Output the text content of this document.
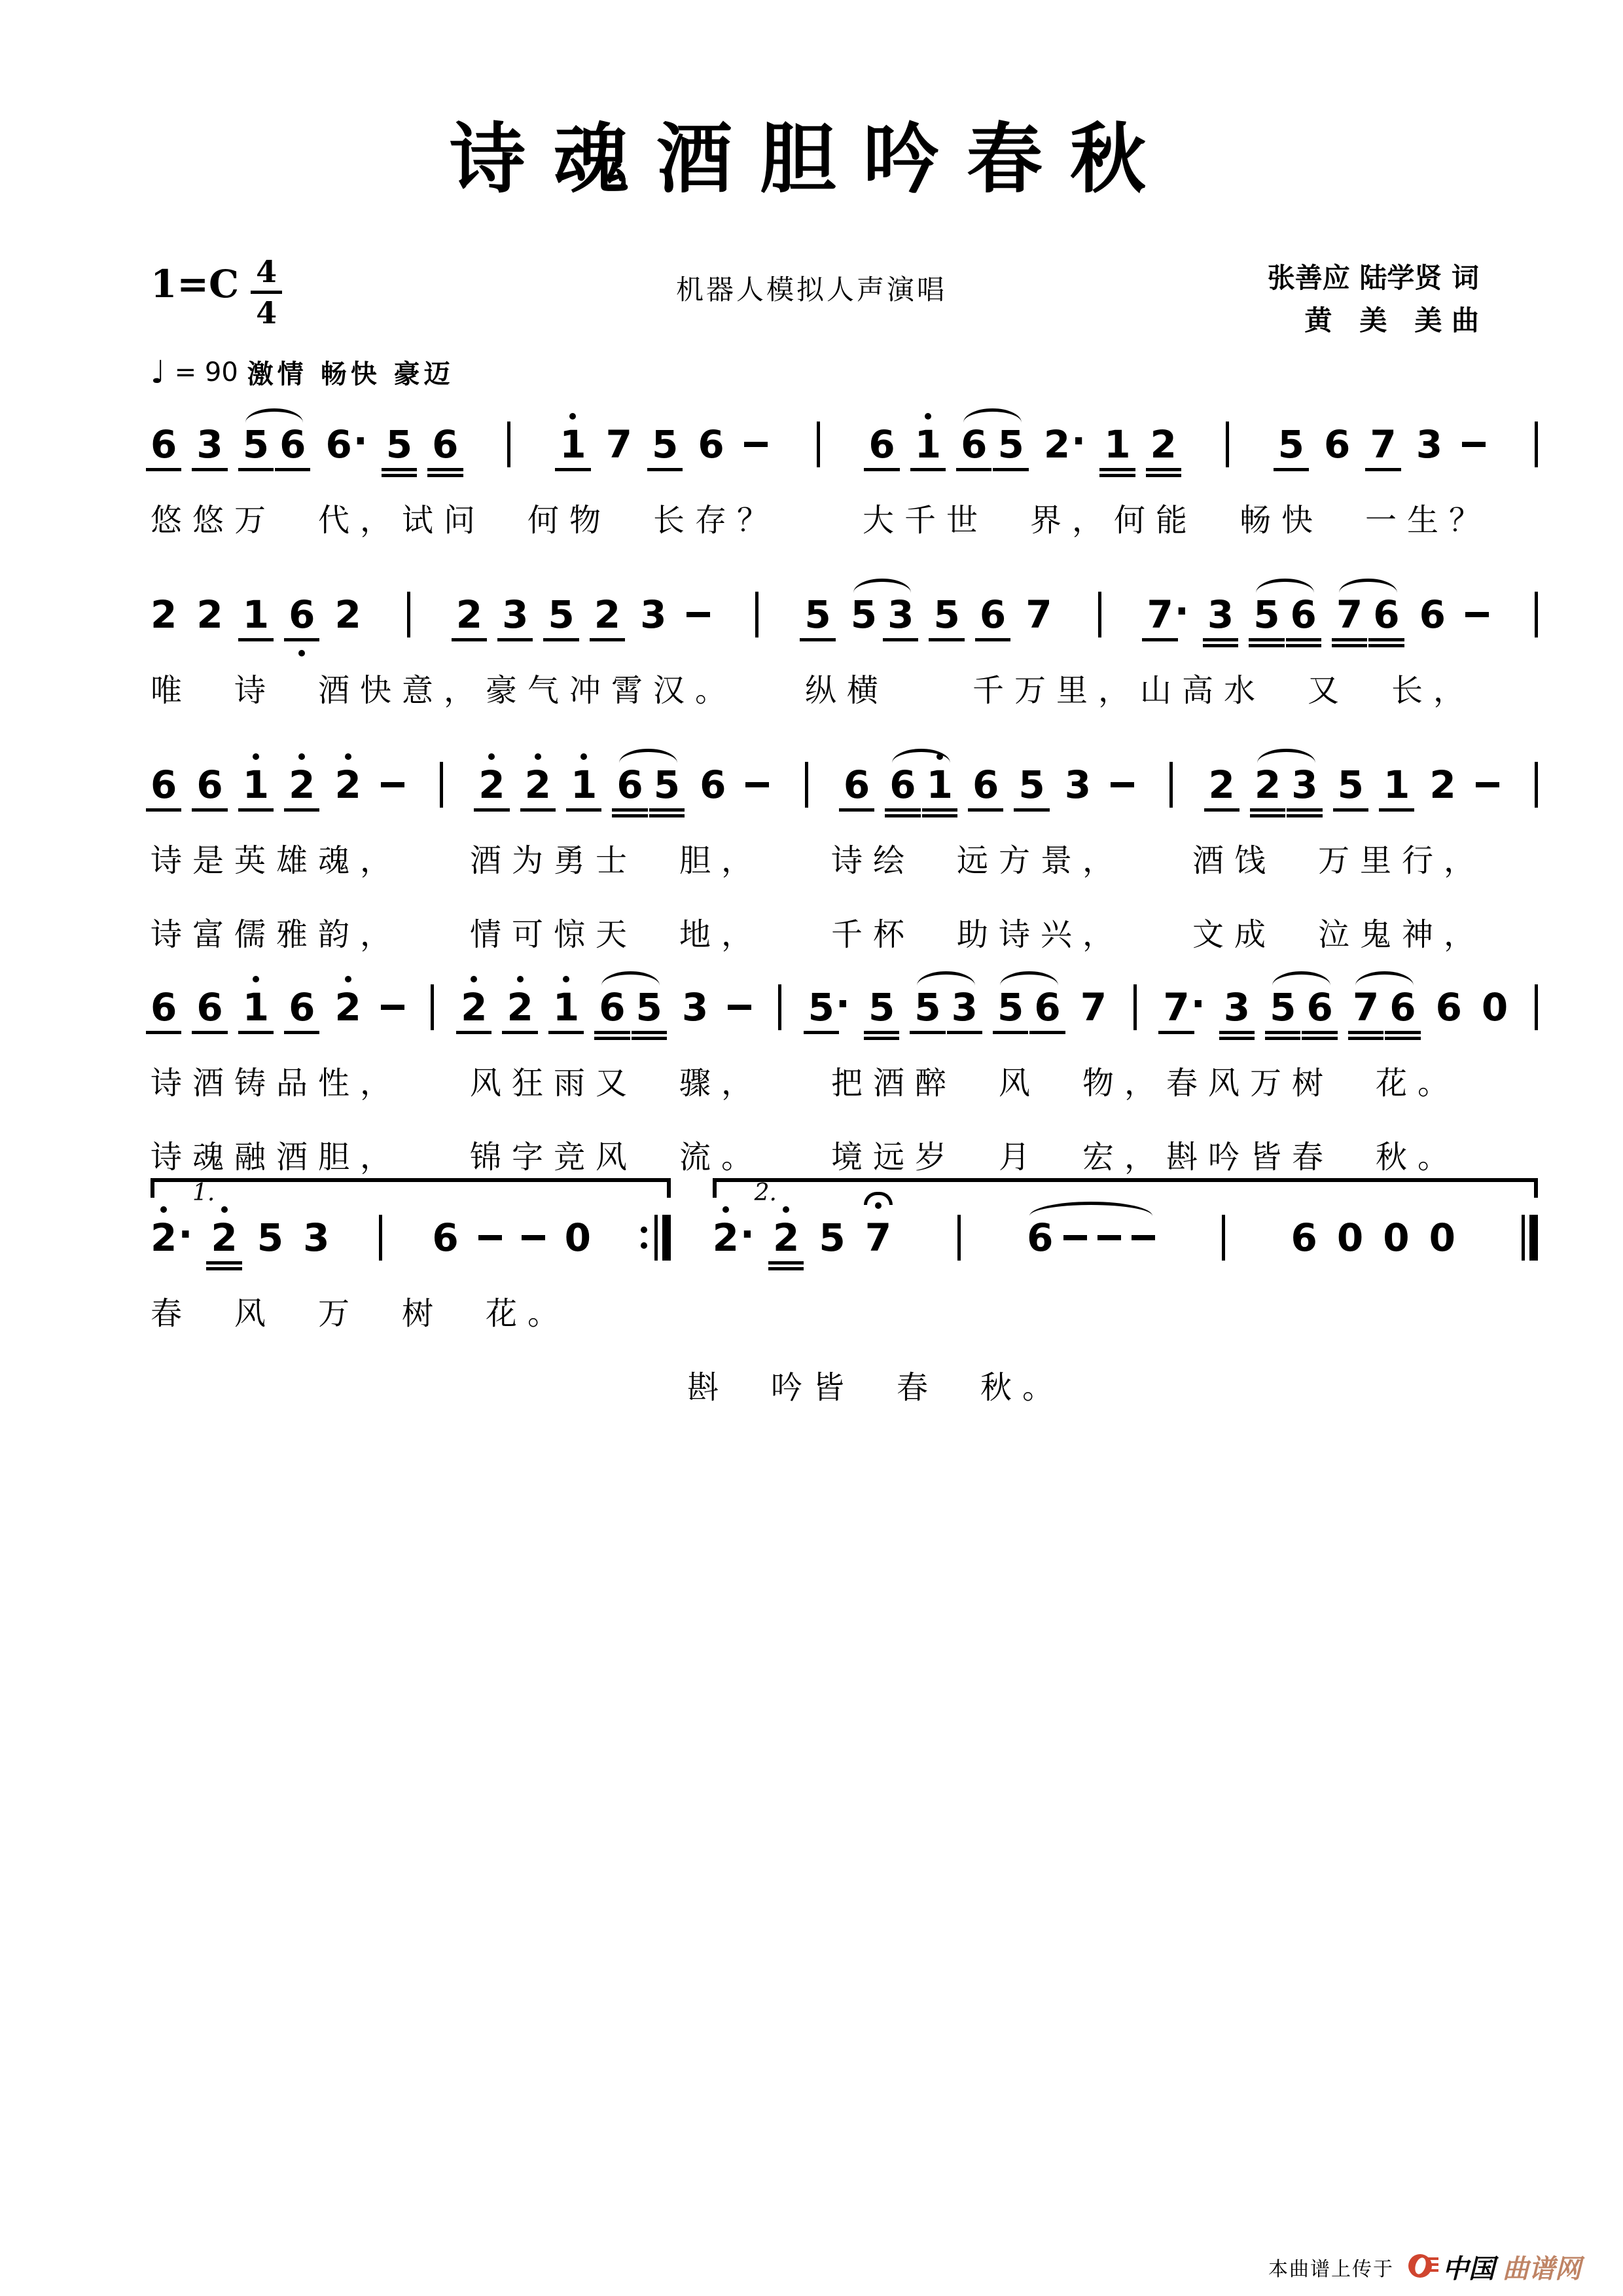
诗魂酒胆吟春秋
$1=C \frac{4}{4}$	机器人模拟人声演唱	张善应 陆学贤 词
黄　美　美 曲
♩ = 90 激情 畅快 豪迈
6 3 5 6 6 · 5 6	1 7 5 6	6 1 6 5 2 · 1 2	5 6 7 3
悠悠万　代，试问　何物　长存？　　大千世　界，何能　畅快　一生？
2 2 1 6 2 2 3 5 2 3	5 5 3 5 6 7 7 · 3 5 6 7 6 6
唯　诗　酒快意，豪气冲霄汉。　　纵横　　千万里，山高水　又　长，
6 6 1 2 2	2 2 1 6 5 6	6 6 1 6 5 3	2 2 3 5 1 2
诗是英雄魂，　　酒为勇士　胆，　　诗绘　远方景，　　酒饯　万里行，
诗富儒雅韵，　　情可惊天　地，　　千杯　助诗兴，　　文成　泣鬼神，
6 6 1 6 2	2 2 1 6 5 3	5 · 5 5 3 5 6 7 7 · 3 5 6 7 6 6 0
诗酒铸品性，　　风狂雨又　骤，　　把酒醉　风　物，春风万树　花。
诗魂融酒胆，　　锦字竞风　流。　　境远岁　月　宏，斟吟皆春　秋。
1.
2 · 2 5 3	6	0
2.
2 · 2 5 7	6	6 0 0 0
春　风　万　树　花。
斟　吟皆　春　秋。
本曲谱上传于 中国 曲谱网
